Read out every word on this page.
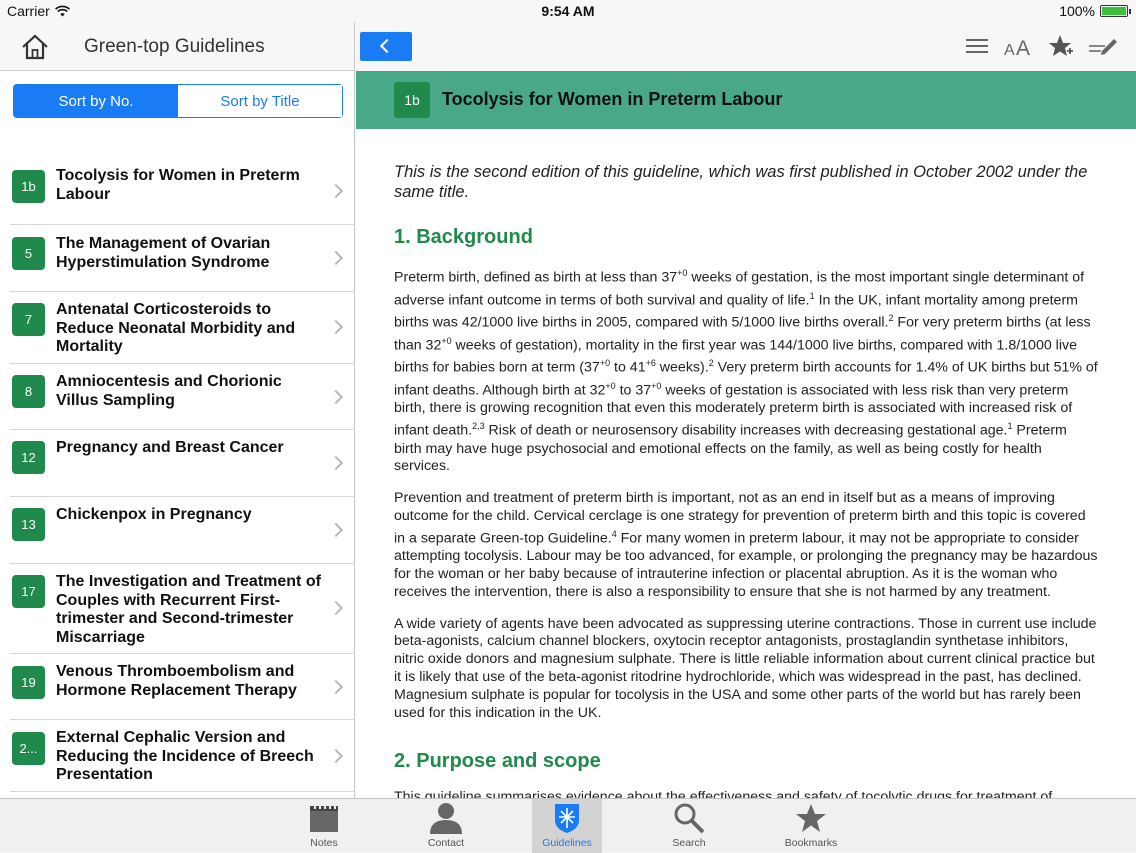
Carrier	9:54 AM	100%
Green-top Guidelines
Sort by No.	Sort by Title
1b
Tocolysis for Women in Preterm Labour
5
The Management of Ovarian Hyperstimulation Syndrome
7
Antenatal Corticosteroids to Reduce Neonatal Morbidity and Mortality
8
Amniocentesis and Chorionic Villus Sampling
12
Pregnancy and Breast Cancer
13
Chickenpox in Pregnancy
17
The Investigation and Treatment of Couples with Recurrent First-trimester and Second-trimester Miscarriage
19
Venous Thromboembolism and Hormone Replacement Therapy
2...
External Cephalic Version and Reducing the Incidence of Breech Presentation
A A
1b	Tocolysis for Women in Preterm Labour

This is the second edition of this guideline, which was first published in October 2002 under the same title.

1. Background

Preterm birth, defined as birth at less than $37^{+0}$ weeks of gestation, is the most important single determinant of adverse infant outcome in terms of both survival and quality of life.$^1$ In the UK, infant mortality among preterm births was 42/1000 live births in 2005, compared with 5/1000 live births overall.$^2$ For very preterm births (at less than $32^{+0}$ weeks of gestation), mortality in the first year was 144/1000 live births, compared with 1.8/1000 live births for babies born at term ($37^{+0}$ to $41^{+6}$ weeks).$^2$ Very preterm birth accounts for 1.4% of UK births but 51% of infant deaths. Although birth at $32^{+0}$ to $37^{+0}$ weeks of gestation is associated with less risk than very preterm birth, there is growing recognition that even this moderately preterm birth is associated with increased risk of infant death.$^{2,3}$ Risk of death or neurosensory disability increases with decreasing gestational age.$^1$ Preterm birth may have huge psychosocial and emotional effects on the family, as well as being costly for health services.

Prevention and treatment of preterm birth is important, not as an end in itself but as a means of improving outcome for the child. Cervical cerclage is one strategy for prevention of preterm birth and this topic is covered in a separate Green-top Guideline.$^4$ For many women in preterm labour, it may not be appropriate to consider attempting tocolysis. Labour may be too advanced, for example, or prolonging the pregnancy may be hazardous for the woman or her baby because of intrauterine infection or placental abruption. As it is the woman who receives the intervention, there is also a responsibility to ensure that she is not harmed by any treatment.

A wide variety of agents have been advocated as suppressing uterine contractions. Those in current use include beta-agonists, calcium channel blockers, oxytocin receptor antagonists, prostaglandin synthetase inhibitors, nitric oxide donors and magnesium sulphate. There is little reliable information about current clinical practice but it is likely that use of the beta-agonist ritodrine hydrochloride, which was widespread in the past, has declined. Magnesium sulphate is popular for tocolysis in the USA and some other parts of the world but has rarely been used for this indication in the UK.

2. Purpose and scope

Notes	Contact	Guidelines	Search	Bookmarks
